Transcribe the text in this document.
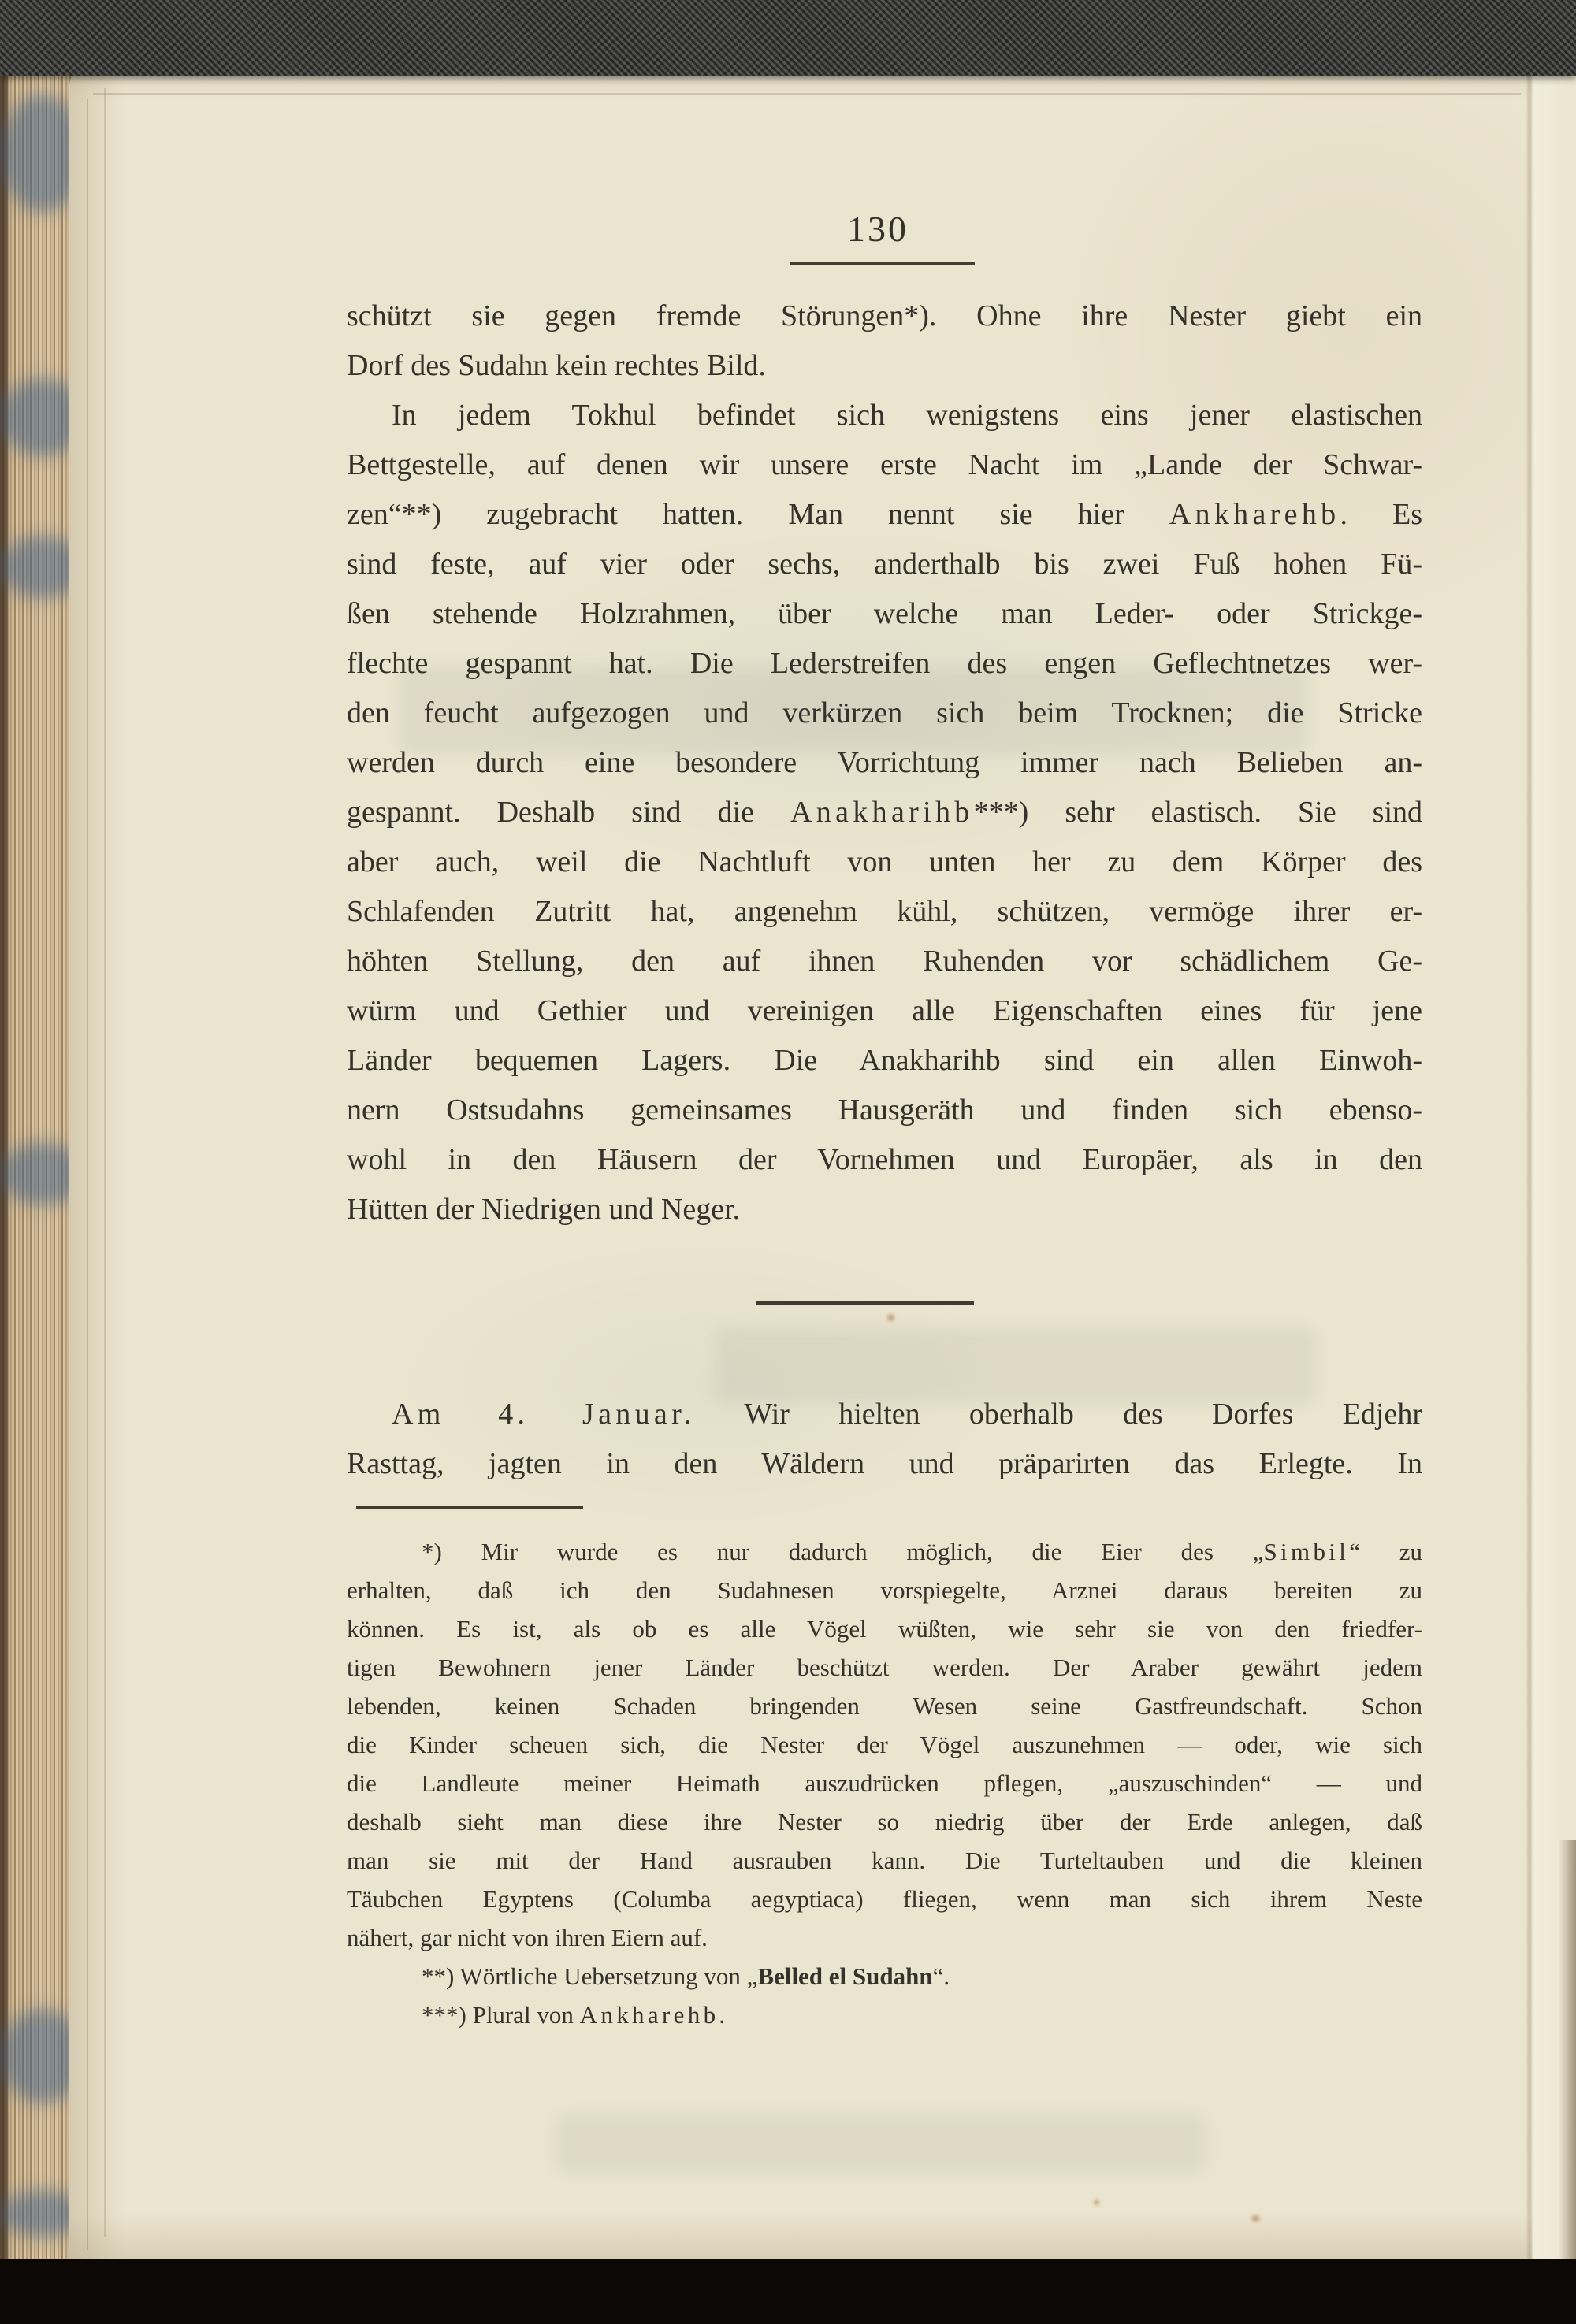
130
schützt sie gegen fremde Störungen*). Ohne ihre Nester giebt ein
Dorf des Sudahn kein rechtes Bild.
In jedem Tokhul befindet sich wenigstens eins jener elastischen
Bettgestelle, auf denen wir unsere erste Nacht im „Lande der Schwar-
zen“**) zugebracht hatten. Man nennt sie hier Ankharehb. Es
sind feste, auf vier oder sechs, anderthalb bis zwei Fuß hohen Fü-
ßen stehende Holzrahmen, über welche man Leder- oder Strickge-
flechte gespannt hat. Die Lederstreifen des engen Geflechtnetzes wer-
den feucht aufgezogen und verkürzen sich beim Trocknen; die Stricke
werden durch eine besondere Vorrichtung immer nach Belieben an-
gespannt. Deshalb sind die Anakharihb***) sehr elastisch. Sie sind
aber auch, weil die Nachtluft von unten her zu dem Körper des
Schlafenden Zutritt hat, angenehm kühl, schützen, vermöge ihrer er-
höhten Stellung, den auf ihnen Ruhenden vor schädlichem Ge-
würm und Gethier und vereinigen alle Eigenschaften eines für jene
Länder bequemen Lagers. Die Anakharihb sind ein allen Einwoh-
nern Ostsudahns gemeinsames Hausgeräth und finden sich ebenso-
wohl in den Häusern der Vornehmen und Europäer, als in den
Hütten der Niedrigen und Neger.
Am 4. Januar. Wir hielten oberhalb des Dorfes Edjehr
Rasttag, jagten in den Wäldern und präparirten das Erlegte. In
*) Mir wurde es nur dadurch möglich, die Eier des „Simbil“ zu
erhalten, daß ich den Sudahnesen vorspiegelte, Arznei daraus bereiten zu
können. Es ist, als ob es alle Vögel wüßten, wie sehr sie von den friedfer-
tigen Bewohnern jener Länder beschützt werden. Der Araber gewährt jedem
lebenden, keinen Schaden bringenden Wesen seine Gastfreundschaft. Schon
die Kinder scheuen sich, die Nester der Vögel auszunehmen — oder, wie sich
die Landleute meiner Heimath auszudrücken pflegen, „auszuschinden“ — und
deshalb sieht man diese ihre Nester so niedrig über der Erde anlegen, daß
man sie mit der Hand ausrauben kann. Die Turteltauben und die kleinen
Täubchen Egyptens (Columba aegyptiaca) fliegen, wenn man sich ihrem Neste
nähert, gar nicht von ihren Eiern auf.
**) Wörtliche Uebersetzung von „Belled el Sudahn“.
***) Plural von Ankharehb.
